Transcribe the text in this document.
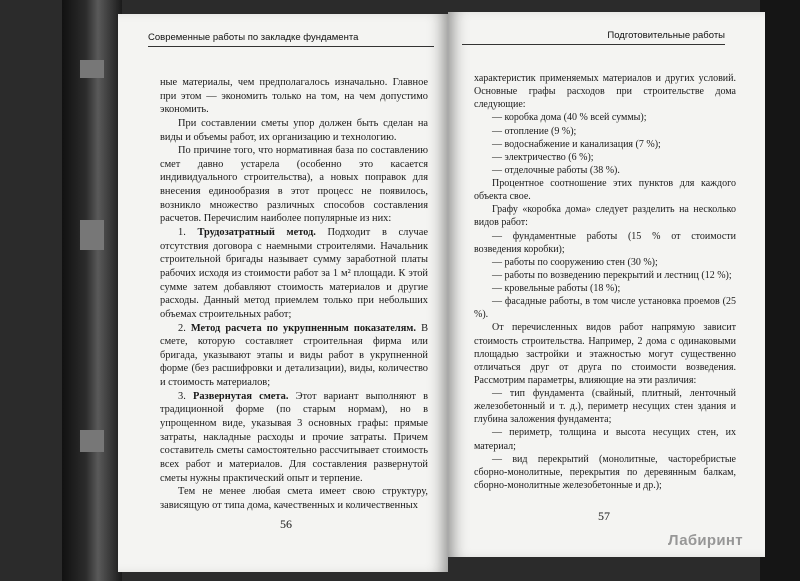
Современные работы по закладке фундамента

ные материалы, чем предполагалось изначально. Главное при этом — экономить только на том, на чем допустимо экономить.

При составлении сметы упор должен быть сделан на виды и объемы работ, их организацию и технологию.

По причине того, что нормативная база по составлению смет давно устарела (особенно это касается индивидуального строительства), а новых поправок для внесения единообразия в этот процесс не появилось, возникло множество различных способов составления расчетов. Перечислим наиболее популярные из них:

1. Трудозатратный метод. Подходит в случае отсутствия договора с наемными строителями. Начальник строительной бригады называет сумму заработной платы рабочих исходя из стоимости работ за 1 м² площади. К этой сумме затем добавляют стоимость материалов и другие расходы. Данный метод приемлем только при небольших объемах строительных работ;

2. Метод расчета по укрупненным показателям. В смете, которую составляет строительная фирма или бригада, указывают этапы и виды работ в укрупненной форме (без расшифровки и детализации), виды, количество и стоимость материалов;

3. Развернутая смета. Этот вариант выполняют в традиционной форме (по старым нормам), но в упрощенном виде, указывая 3 основных графы: прямые затраты, накладные расходы и прочие затраты. Причем составитель сметы самостоятельно рассчитывает стоимость всех работ и материалов. Для составления развернутой сметы нужны практический опыт и терпение.

Тем не менее любая смета имеет свою структуру, зависящую от типа дома, качественных и количественных

56
Подготовительные работы

характеристик применяемых материалов и других условий. Основные графы расходов при строительстве дома следующие:

— коробка дома (40 % всей суммы);

— отопление (9 %);

— водоснабжение и канализация (7 %);

— электричество (6 %);

— отделочные работы (38 %).

Процентное соотношение этих пунктов для каждого объекта свое.

Графу «коробка дома» следует разделить на несколько видов работ:

— фундаментные работы (15 % от стоимости возведения коробки);

— работы по сооружению стен (30 %);

— работы по возведению перекрытий и лестниц (12 %);

— кровельные работы (18 %);

— фасадные работы, в том числе установка проемов (25 %).

От перечисленных видов работ напрямую зависит стоимость строительства. Например, 2 дома с одинаковыми площадью застройки и этажностью могут существенно отличаться друг от друга по стоимости возведения. Рассмотрим параметры, влияющие на эти различия:

— тип фундамента (свайный, плитный, ленточный железобетонный и т. д.), периметр несущих стен здания и глубина заложения фундамента;

— периметр, толщина и высота несущих стен, их материал;

— вид перекрытий (монолитные, часторебристые сборно-монолитные, перекрытия по деревянным балкам, сборно-монолитные железобетонные и др.);

57
Лабиринт
